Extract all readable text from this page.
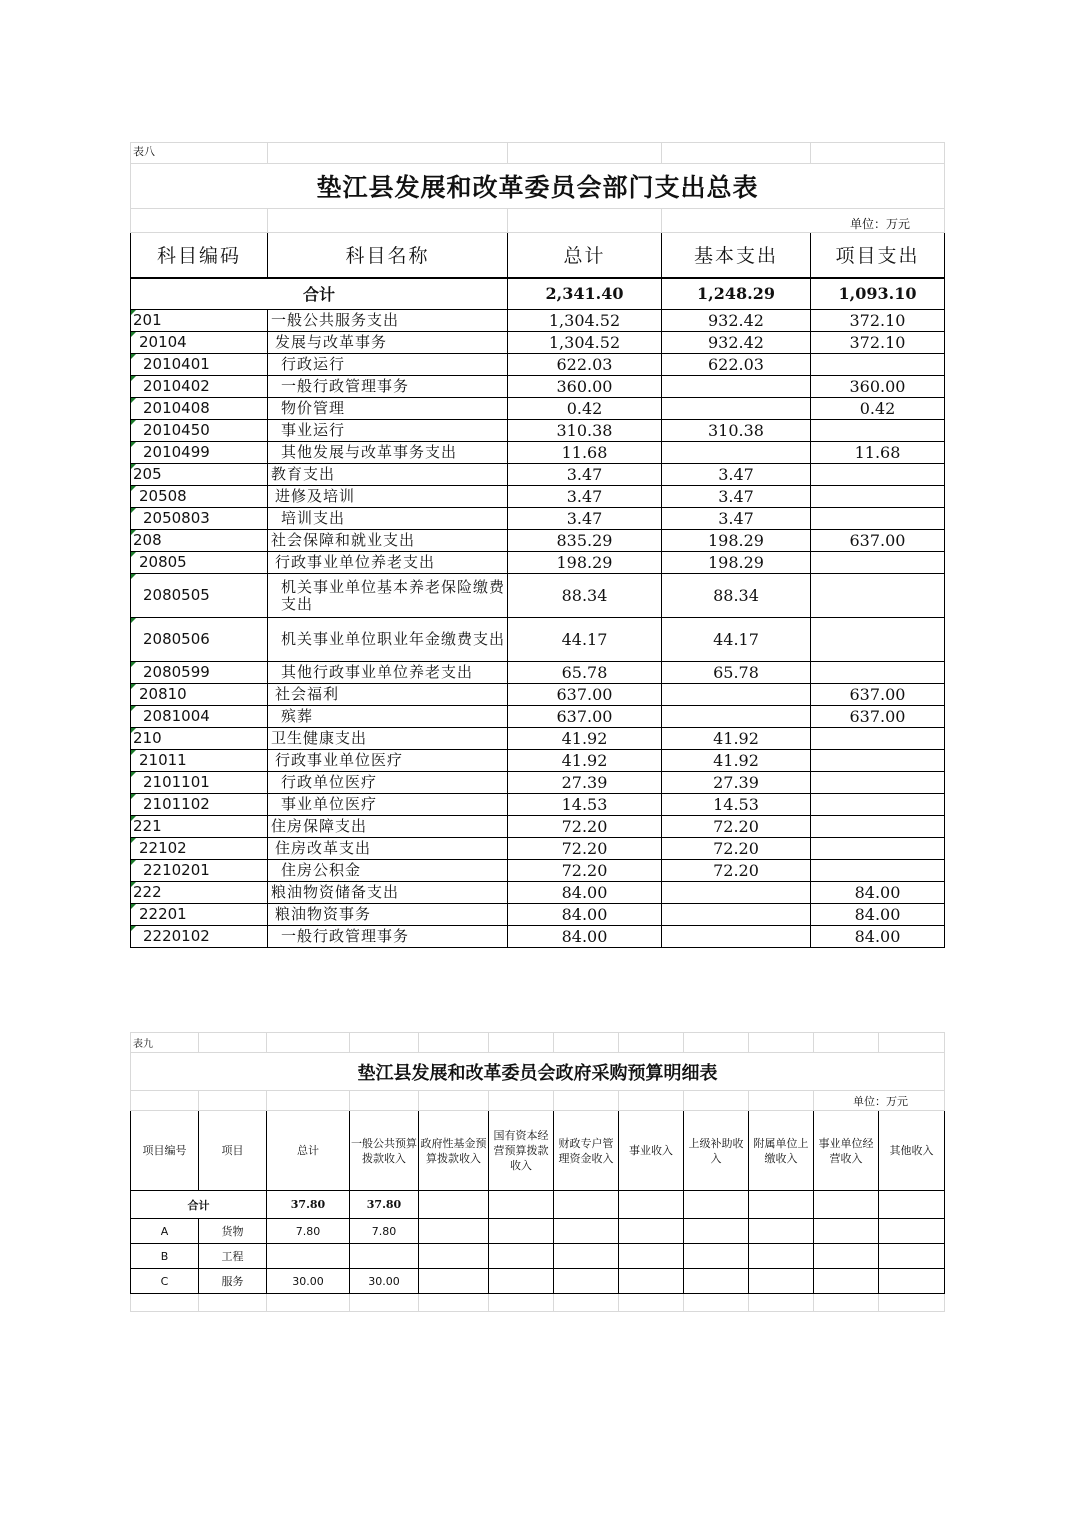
表八				
垫江县发展和改革委员会部门支出总表				
			单位：万元	
科目编码	科目名称	总计	基本支出	项目支出
合计		2,341.40	1,248.29	1,093.10
201	一般公共服务支出	1,304.52	932.42	372.10
20104	发展与改革事务	1,304.52	932.42	372.10
2010401	行政运行	622.03	622.03	
2010402	一般行政管理事务	360.00		360.00
2010408	物价管理	0.42		0.42
2010450	事业运行	310.38	310.38	
2010499	其他发展与改革事务支出	11.68		11.68
205	教育支出	3.47	3.47	
20508	进修及培训	3.47	3.47	
2050803	培训支出	3.47	3.47	
208	社会保障和就业支出	835.29	198.29	637.00
20805	行政事业单位养老支出	198.29	198.29	
2080505	机关事业单位基本养老保险缴费支出	88.34	88.34	
2080506	机关事业单位职业年金缴费支出	44.17	44.17	
2080599	其他行政事业单位养老支出	65.78	65.78	
20810	社会福利	637.00		637.00
2081004	殡葬	637.00		637.00
210	卫生健康支出	41.92	41.92	
21011	行政事业单位医疗	41.92	41.92	
2101101	行政单位医疗	27.39	27.39	
2101102	事业单位医疗	14.53	14.53	
221	住房保障支出	72.20	72.20	
22102	住房改革支出	72.20	72.20	
2210201	住房公积金	72.20	72.20	
222	粮油物资储备支出	84.00		84.00
22201	粮油物资事务	84.00		84.00
2220102	一般行政管理事务	84.00		84.00
表九											
垫江县发展和改革委员会政府采购预算明细表											
										单位：万元	
项目编号	项目	总计	一般公共预算拨款收入	政府性基金预算拨款收入	国有资本经营预算拨款收入	财政专户管理资金收入	事业收入	上级补助收入	附属单位上缴收入	事业单位经营收入	其他收入
合计		37.80	37.80								
A	货物	7.80	7.80								
B	工程										
C	服务	30.00	30.00								
